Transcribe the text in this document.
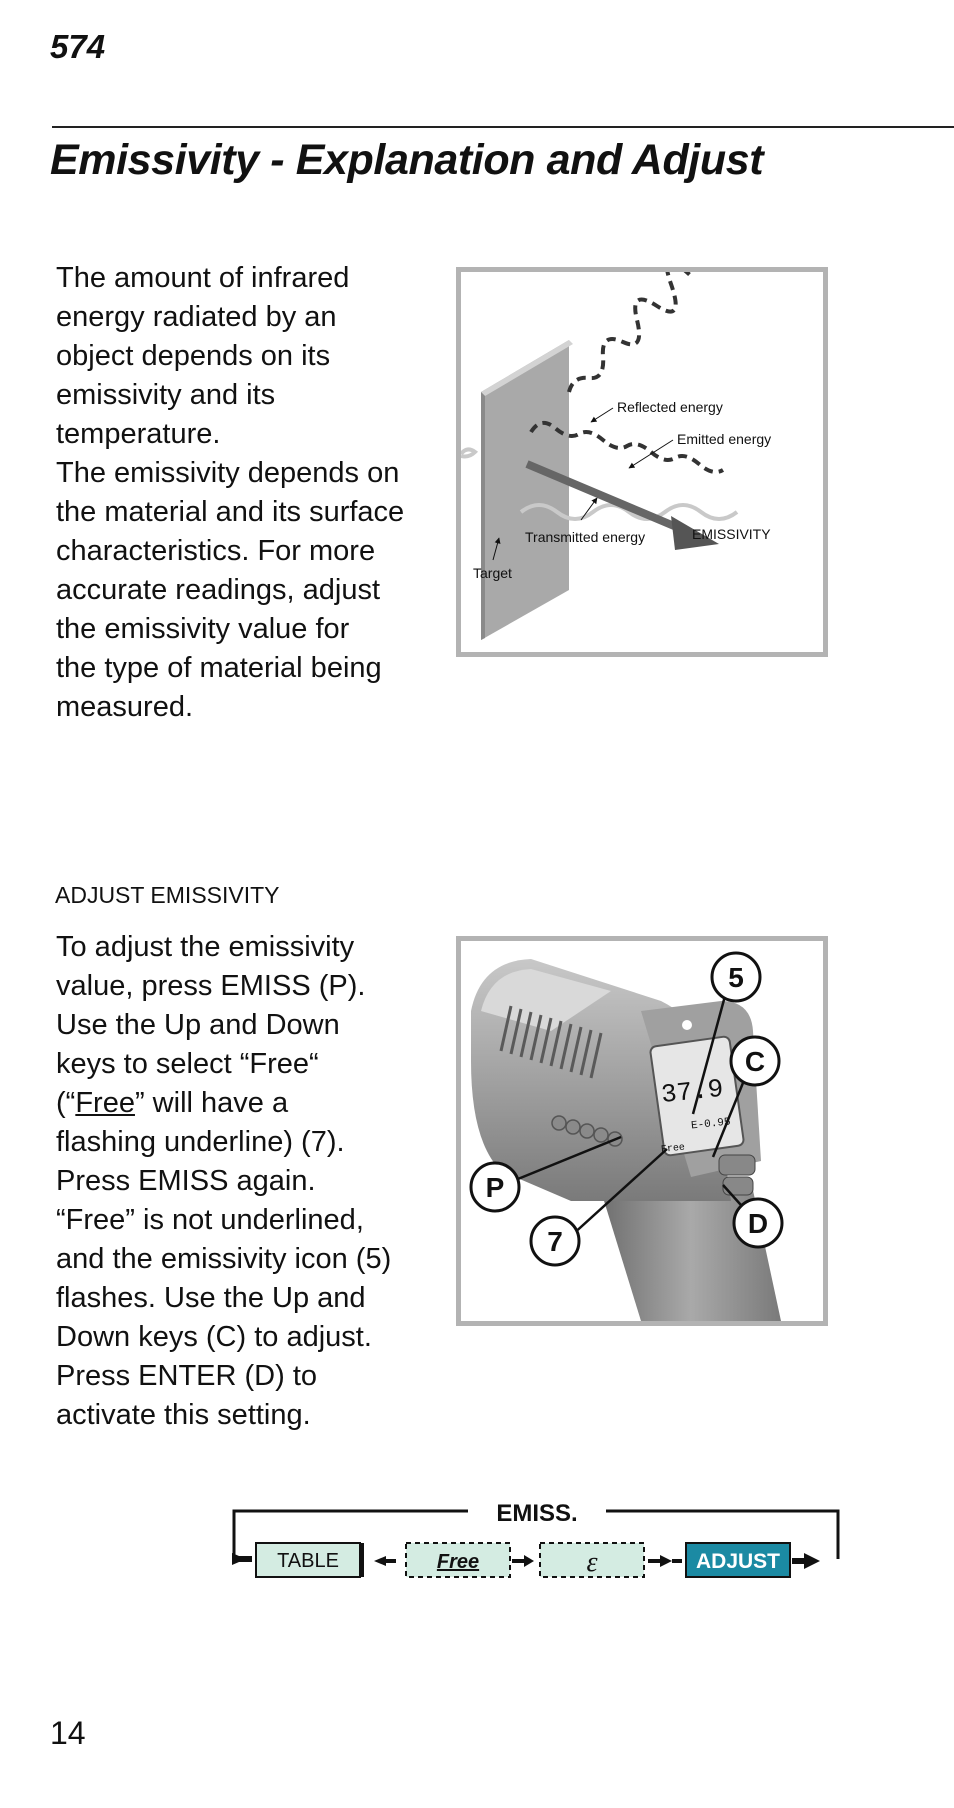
574
Emissivity - Explanation and Adjust

The amount of infrared
energy radiated by an
object depends on its
emissivity and its
temperature.
The emissivity depends on
the material and its surface
characteristics. For more
accurate readings, adjust
the emissivity value for
the type of material being
measured.

Reflected energy
Emitted energy
Transmitted energy	EMISSIVITY
Target
ADJUST EMISSIVITY

To adjust the emissivity
value, press EMISS (P).
Use the Up and Down
keys to select “Free“
(“Free” will have a
flashing underline) (7).
Press EMISS again.
“Free” is not underlined,
and the emissivity icon (5)
flashes. Use the Up and
Down keys (C) to adjust.
Press ENTER (D) to
activate this setting.

37.9
E-0.95
Free
5
C
P
D
7
EMISS.
TABLE	Free	ε	ADJUST
14
